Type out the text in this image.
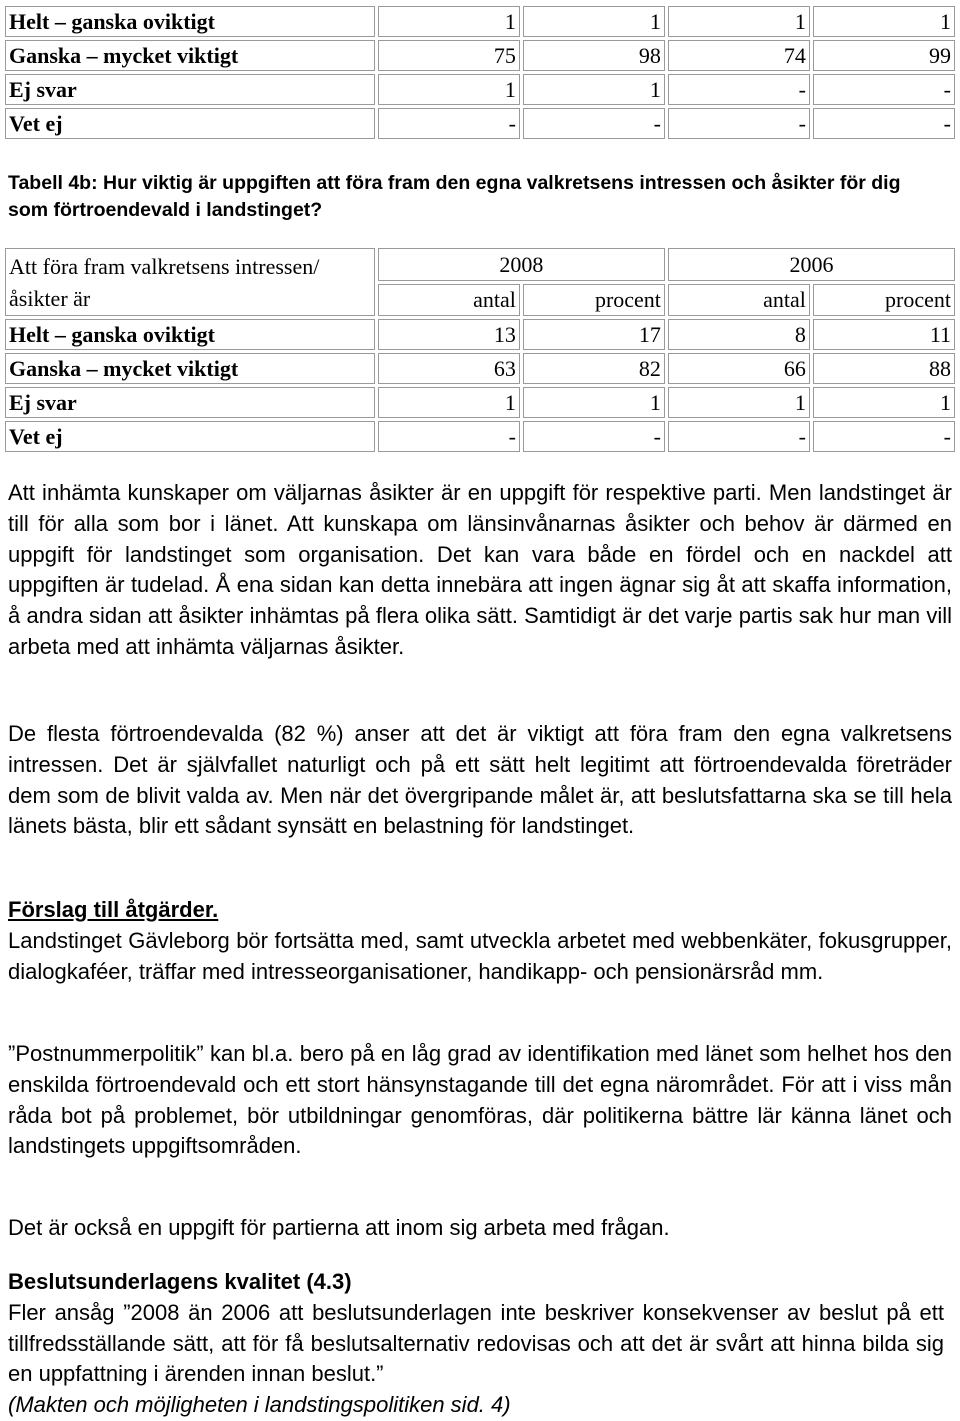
Helt – ganska oviktigt	1	1	1	1
Ganska – mycket viktigt	75	98	74	99
Ej svar	1	1	-	-
Vet ej	-	-	-	-
Tabell 4b: Hur viktig är uppgiften att föra fram den egna valkretsens intressen och åsikter för dig som förtroendevald i landstinget?
Att föra fram valkretsens intressen/åsikter är	2008		2006	
	antal	procent	antal	procent
Helt – ganska oviktigt	13	17	8	11
Ganska – mycket viktigt	63	82	66	88
Ej svar	1	1	1	1
Vet ej	-	-	-	-
Att inhämta kunskaper om väljarnas åsikter är en uppgift för respektive parti. Men landstinget är till för alla som bor i länet. Att kunskapa om länsinvånarnas åsikter och behov är därmed en uppgift för landstinget som organisation. Det kan vara både en fördel och en nackdel att uppgiften är tudelad. Å ena sidan kan detta innebära att ingen ägnar sig åt att skaffa information, å andra sidan att åsikter inhämtas på flera olika sätt. Samtidigt är det varje partis sak hur man vill arbeta med att inhämta väljarnas åsikter.
De flesta förtroendevalda (82 %) anser att det är viktigt att föra fram den egna valkretsens intressen. Det är självfallet naturligt och på ett sätt helt legitimt att förtroendevalda företräder dem som de blivit valda av. Men när det övergripande målet är, att beslutsfattarna ska se till hela länets bästa, blir ett sådant synsätt en belastning för landstinget.
Förslag till åtgärder.
Landstinget Gävleborg bör fortsätta med, samt utveckla arbetet med webbenkäter, fokusgrupper, dialogkaféer, träffar med intresseorganisationer, handikapp- och pensionärsråd mm.
”Postnummerpolitik” kan bl.a. bero på en låg grad av identifikation med länet som helhet hos den enskilda förtroendevald och ett stort hänsynstagande till det egna närområdet. För att i viss mån råda bot på problemet, bör utbildningar genomföras, där politikerna bättre lär känna länet och landstingets uppgiftsområden.
Det är också en uppgift för partierna att inom sig arbeta med frågan.
Beslutsunderlagens kvalitet (4.3)
Fler ansåg ”2008 än 2006 att beslutsunderlagen inte beskriver konsekvenser av beslut på ett tillfredsställande sätt, att för få beslutsalternativ redovisas och att det är svårt att hinna bilda sig en uppfattning i ärenden innan beslut.”
(Makten och möjligheten i landstingspolitiken sid. 4)
